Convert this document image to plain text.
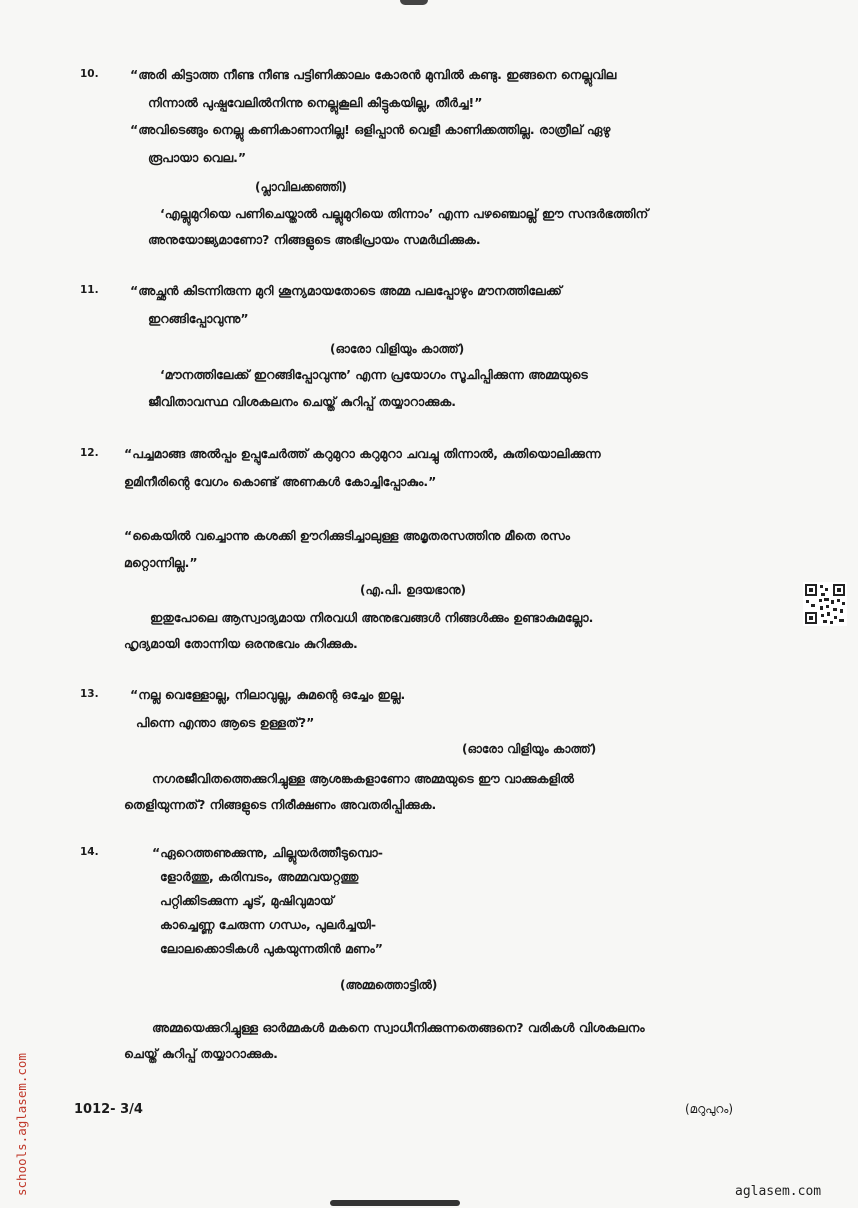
10.	“അരി കിട്ടാത്ത നീണ്ട നീണ്ട പട്ടിണിക്കാലം കോരൻ മുമ്പിൽ കണ്ടു. ഇങ്ങനെ നെല്ലുവില
നിന്നാൽ പുഷ്പവേലിൽനിന്നു നെല്ലുകൂലി കിട്ടുകയില്ല, തീർച്ച!”
“അവിടെങ്ങും നെല്ലു കണികാണാനില്ല! ഒളിപ്പാൻ വെളീ കാണിക്കത്തില്ല. രാത്രീല് ഏഴു
രൂപായാ വെല.”
(പ്ലാവിലക്കഞ്ഞി)
‘എല്ലുമുറിയെ പണിചെയ്താൽ പല്ലുമുറിയെ തിന്നാം’ എന്ന പഴഞ്ചൊല്ല് ഈ സന്ദർഭത്തിന്
അനുയോജ്യമാണോ? നിങ്ങളുടെ അഭിപ്രായം സമർഥിക്കുക.
11.	“അച്ഛൻ കിടന്നിരുന്ന മുറി ശൂന്യമായതോടെ അമ്മ പലപ്പോഴും മൗനത്തിലേക്ക്
ഇറങ്ങിപ്പോവുന്നു”
(ഓരോ വിളിയും കാത്ത്)
‘മൗനത്തിലേക്ക് ഇറങ്ങിപ്പോവുന്നു’ എന്ന പ്രയോഗം സൂചിപ്പിക്കുന്ന അമ്മയുടെ
ജീവിതാവസ്ഥ വിശകലനം ചെയ്ത് കുറിപ്പ് തയ്യാറാക്കുക.
12. “പച്ചമാങ്ങ അൽപ്പം ഉപ്പുചേർത്ത് കറുമുറാ കറുമുറാ ചവച്ചു തിന്നാൽ, കുതിയൊലിക്കുന്ന
ഉമിനീരിന്റെ വേഗം കൊണ്ട് അണകൾ കോച്ചിപ്പോകും.”
“കൈയിൽ വച്ചൊന്നു കശക്കി ഊറിക്കുടിച്ചാലുള്ള അമൃതരസത്തിനു മീതെ രസം
മറ്റൊന്നില്ല.”
(എ.പി. ഉദയഭാനു)
ഇതുപോലെ ആസ്വാദ്യമായ നിരവധി അനുഭവങ്ങൾ നിങ്ങൾക്കും ഉണ്ടാകുമല്ലോ.
ഹൃദ്യമായി തോന്നിയ ഒരനുഭവം കുറിക്കുക.
13.	“നല്ല വെള്ളോല്ല, നിലാവുല്ല, കുമന്റെ ഒച്ചേം ഇല്ല.
പിന്നെ എന്താ ആടെ ഉള്ളത്?”
(ഓരോ വിളിയും കാത്ത്)
നഗരജീവിതത്തെക്കുറിച്ചുള്ള ആശങ്കകളാണോ അമ്മയുടെ ഈ വാക്കുകളിൽ
തെളിയുന്നത്? നിങ്ങളുടെ നിരീക്ഷണം അവതരിപ്പിക്കുക.
14.	“ഏറെത്തണുക്കുന്നു, ചില്ലുയർത്തീടുമ്പൊ-
ളോർത്തു, കരിമ്പടം, അമ്മവയറ്റത്തു
പറ്റിക്കിടക്കുന്ന ചൂട്, മുഷിവുമായ്
കാച്ചെണ്ണ ചേരുന്ന ഗന്ധം, പുലർച്ചയി-
ലോലക്കൊടികൾ പുകയുന്നതിൻ മണം”
(അമ്മത്തൊട്ടിൽ)
അമ്മയെക്കുറിച്ചുള്ള ഓർമ്മകൾ മകനെ സ്വാധീനിക്കുന്നതെങ്ങനെ? വരികൾ വിശകലനം
ചെയ്ത് കുറിപ്പ് തയ്യാറാക്കുക.
1012- 3/4	(മറുപുറം)
schools.aglasem.com	aglasem.com
